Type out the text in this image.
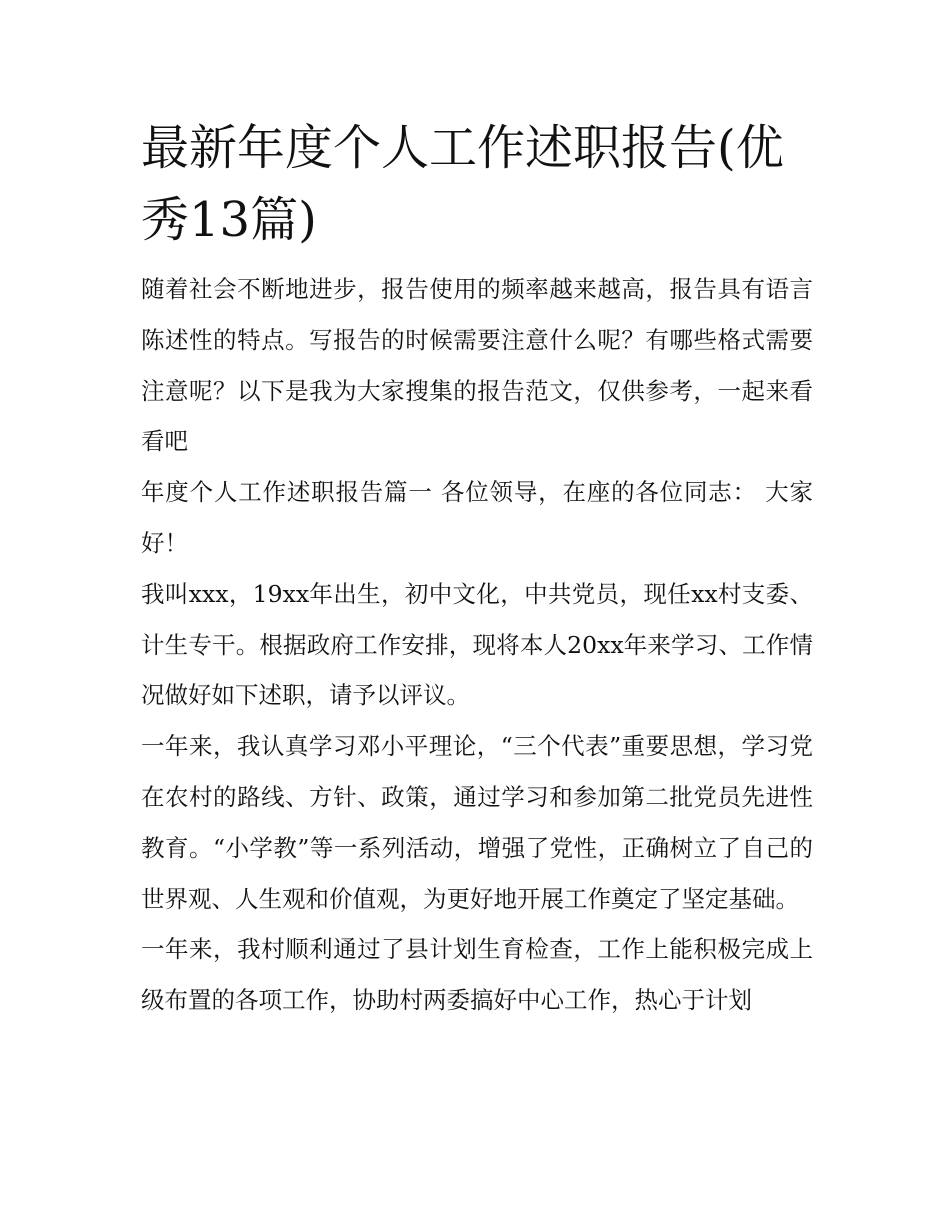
最新年度个人工作述职报告(优秀13篇)

随着社会不断地进步，报告使用的频率越来越高，报告具有语言陈述性的特点。写报告的时候需要注意什么呢？有哪些格式需要注意呢？以下是我为大家搜集的报告范文，仅供参考，一起来看看吧

年度个人工作述职报告篇一 各位领导，在座的各位同志： 大家好！

我叫xxx，19xx年出生，初中文化，中共党员，现任xx村支委、计生专干。根据政府工作安排，现将本人20xx年来学习、工作情况做好如下述职，请予以评议。

一年来，我认真学习邓小平理论，“三个代表”重要思想，学习党在农村的路线、方针、政策，通过学习和参加第二批党员先进性教育。“小学教”等一系列活动，增强了党性，正确树立了自己的世界观、人生观和价值观，为更好地开展工作奠定了坚定基础。

一年来，我村顺利通过了县计划生育检查，工作上能积极完成上级布置的各项工作，协助村两委搞好中心工作，热心于计划
